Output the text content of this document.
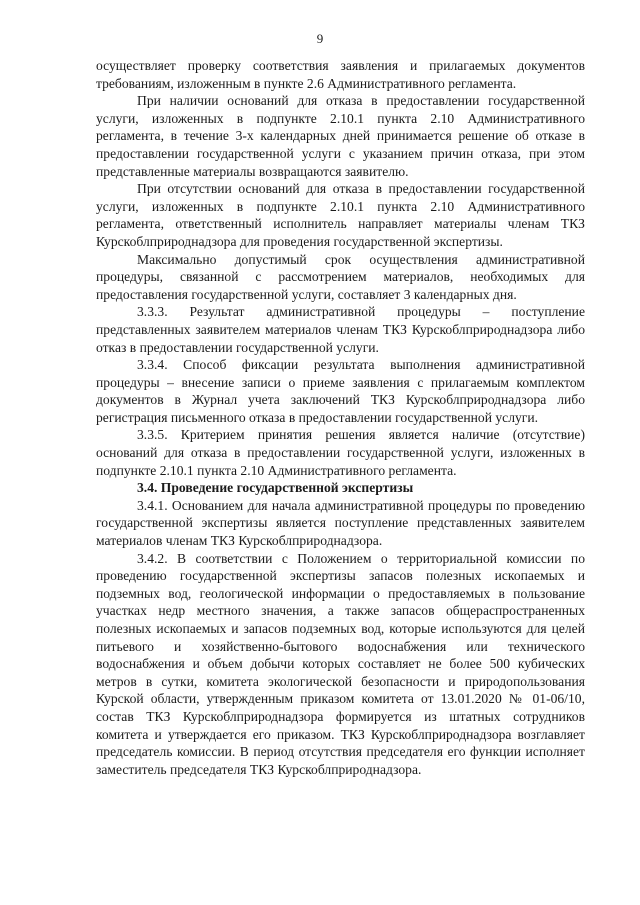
9

осуществляет проверку соответствия заявления и прилагаемых документов требованиям, изложенным в пункте 2.6 Административного регламента.

При наличии оснований для отказа в предоставлении государственной услуги, изложенных в подпункте 2.10.1 пункта 2.10 Административного регламента, в течение 3-х календарных дней принимается решение об отказе в предоставлении государственной услуги с указанием причин отказа, при этом представленные материалы возвращаются заявителю.

При отсутствии оснований для отказа в предоставлении государственной услуги, изложенных в подпункте 2.10.1 пункта 2.10 Административного регламента, ответственный исполнитель направляет материалы членам ТКЗ Курскоблприроднадзора для проведения государственной экспертизы.

Максимально допустимый срок осуществления административной процедуры, связанной с рассмотрением материалов, необходимых для предоставления государственной услуги, составляет 3 календарных дня.

3.3.3. Результат административной процедуры – поступление представленных заявителем материалов членам ТКЗ Курскоблприроднадзора либо отказ в предоставлении государственной услуги.

3.3.4. Способ фиксации результата выполнения административной процедуры – внесение записи о приеме заявления с прилагаемым комплектом документов в Журнал учета заключений ТКЗ Курскоблприроднадзора либо регистрация письменного отказа в предоставлении государственной услуги.

3.3.5. Критерием принятия решения является наличие (отсутствие) оснований для отказа в предоставлении государственной услуги, изложенных в подпункте 2.10.1 пункта 2.10 Административного регламента.

3.4. Проведение государственной экспертизы

3.4.1. Основанием для начала административной процедуры по проведению государственной экспертизы является поступление представленных заявителем материалов членам ТКЗ Курскоблприроднадзора.

3.4.2. В соответствии с Положением о территориальной комиссии по проведению государственной экспертизы запасов полезных ископаемых и подземных вод, геологической информации о предоставляемых в пользование участках недр местного значения, а также запасов общераспространенных полезных ископаемых и запасов подземных вод, которые используются для целей питьевого и хозяйственно-бытового водоснабжения или технического водоснабжения и объем добычи которых составляет не более 500 кубических метров в сутки, комитета экологической безопасности и природопользования Курской области, утвержденным приказом комитета от 13.01.2020 № 01-06/10, состав ТКЗ Курскоблприроднадзора формируется из штатных сотрудников комитета и утверждается его приказом. ТКЗ Курскоблприроднадзора возглавляет председатель комиссии. В период отсутствия председателя его функции исполняет заместитель председателя ТКЗ Курскоблприроднадзора.
